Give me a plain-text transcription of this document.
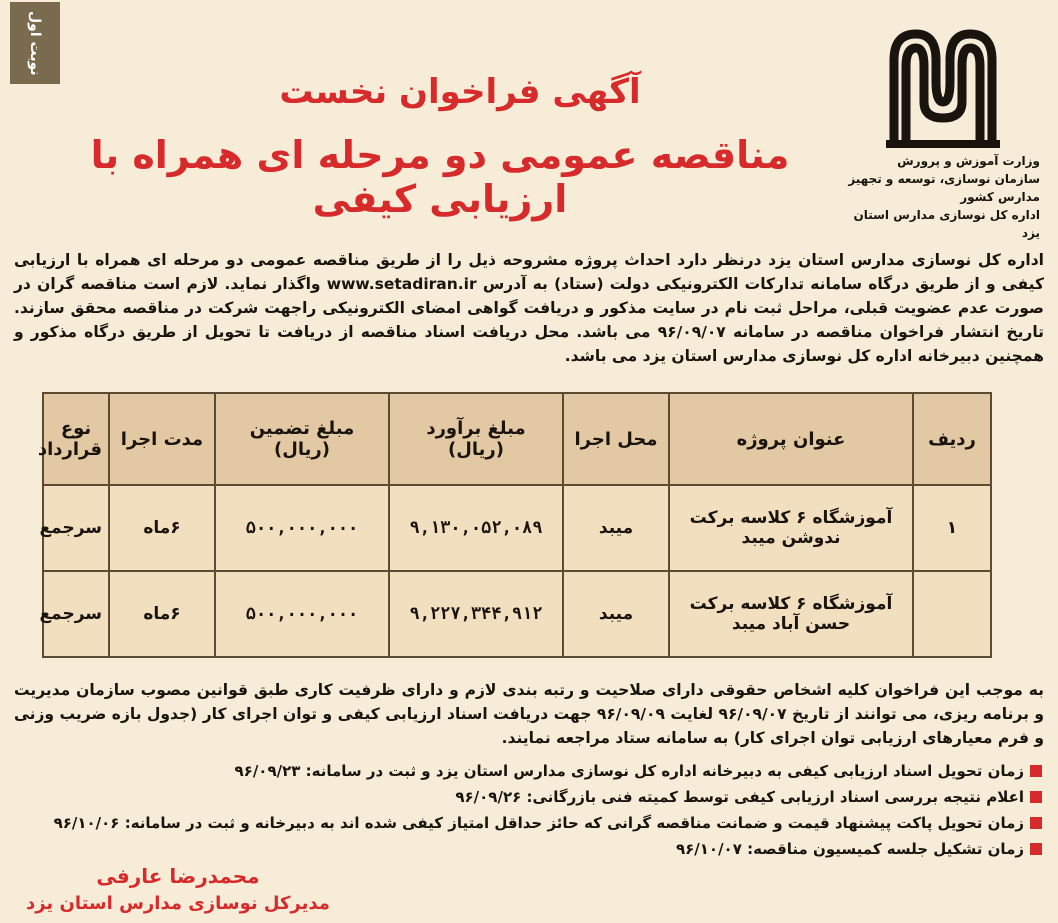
وزارت آموزش و پرورش
سازمان نوسازی، توسعه و تجهیز مدارس کشور
اداره کل نوسازی مدارس استان یزد
نوبت اول
آگهی فراخوان نخست
مناقصه عمومی دو مرحله ای همراه با ارزیابی کیفی

اداره کل نوسازی مدارس استان یزد درنظر دارد احداث پروژه مشروحه ذیل را از طریق مناقصه عمومی دو مرحله ای همراه با ارزیابی کیفی و از طریق درگاه سامانه تدارکات الکترونیکی دولت (ستاد) به آدرس www.setadiran.ir واگذار نماید. لازم است مناقصه گران در صورت عدم عضویت قبلی، مراحل ثبت نام در سایت مذکور و دریافت گواهی امضای الکترونیکی راجهت شرکت در مناقصه محقق سازند. تاریخ انتشار فراخوان مناقصه در سامانه ۹۶/۰۹/۰۷ می باشد. محل دریافت اسناد مناقصه از دریافت تا تحویل از طریق درگاه مذکور و همچنین دبیرخانه اداره کل نوسازی مدارس استان یزد می باشد.

ردیف	عنوان پروژه	محل اجرا	مبلغ برآورد (ریال)	مبلغ تضمین (ریال)	مدت اجرا	نوع قرارداد
۱	آموزشگاه ۶ کلاسه برکت ندوشن میبد	میبد	۹,۱۳۰,۰۵۲,۰۸۹	۵۰۰,۰۰۰,۰۰۰	۶ماه	سرجمع
	آموزشگاه ۶ کلاسه برکت حسن آباد میبد	میبد	۹,۲۲۷,۳۴۴,۹۱۲	۵۰۰,۰۰۰,۰۰۰	۶ماه	سرجمع

به موجب این فراخوان کلیه اشخاص حقوقی دارای صلاحیت و رتبه بندی لازم و دارای ظرفیت کاری طبق قوانین مصوب سازمان مدیریت و برنامه ریزی، می توانند از تاریخ ۹۶/۰۹/۰۷ لغایت ۹۶/۰۹/۰۹ جهت دریافت اسناد ارزیابی کیفی و توان اجرای کار (جدول بازه ضریب وزنی و فرم معیارهای ارزیابی توان اجرای کار) به سامانه ستاد مراجعه نمایند.

زمان تحویل اسناد ارزیابی کیفی به دبیرخانه اداره کل نوسازی مدارس استان یزد و ثبت در سامانه: ۹۶/۰۹/۲۳
اعلام نتیجه بررسی اسناد ارزیابی کیفی توسط کمیته فنی بازرگانی: ۹۶/۰۹/۲۶
زمان تحویل پاکت پیشنهاد قیمت و ضمانت مناقصه گرانی که حائز حداقل امتیاز کیفی شده اند به دبیرخانه و ثبت در سامانه: ۹۶/۱۰/۰۶
زمان تشکیل جلسه کمیسیون مناقصه: ۹۶/۱۰/۰۷
محمدرضا عارفی
مدیرکل نوسازی مدارس استان یزد
